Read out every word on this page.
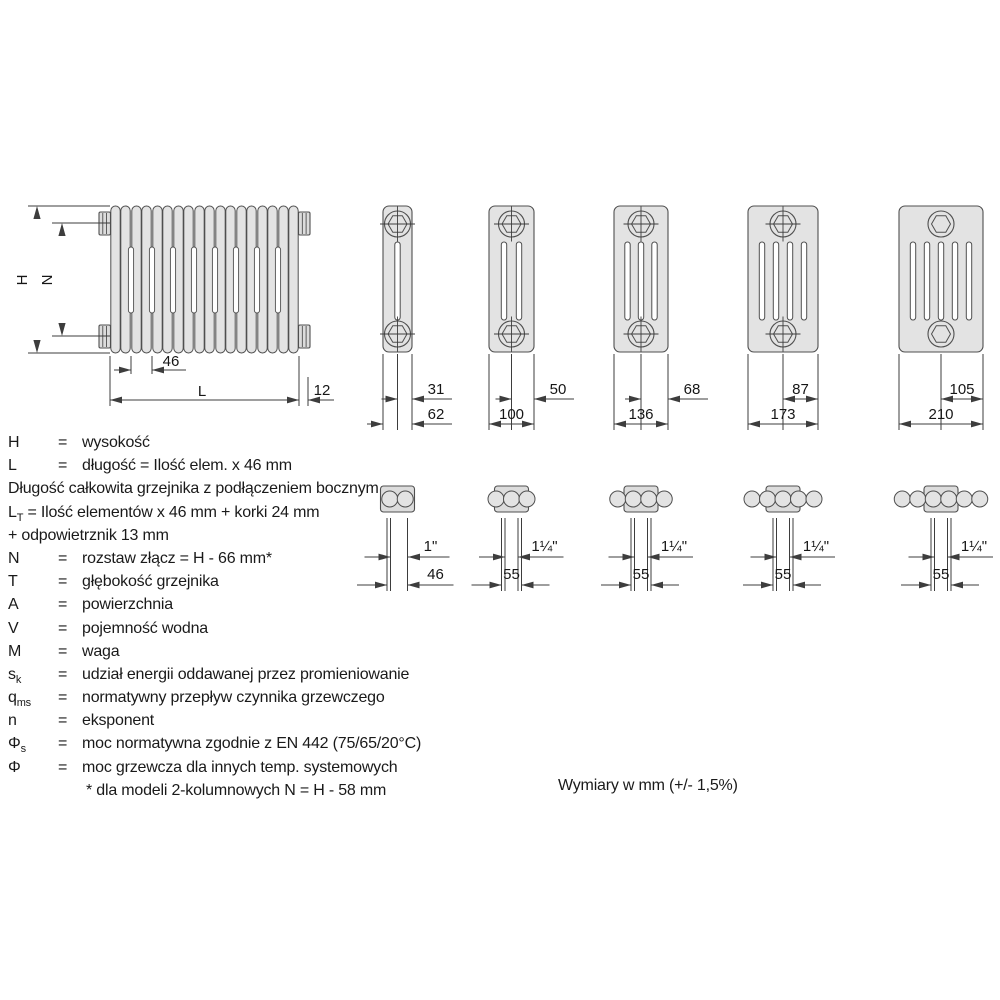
H N
46
L	12	31
62
1"
46
50
100
1¼"
55
68
136
1¼"
55
87
173
1¼"
55
105
210
1¼"
55
H = wysokość
L	= długość = Ilość elem. x 46 mm
Długość całkowita grzejnika z podłączeniem bocznym
$L_T$ = Ilość elementów x 46 mm + korki 24 mm
+ odpowietrznik 13 mm
N = rozstaw złącz = H - 66 mm*
T	= głębokość grzejnika
A = powierzchnia
V = pojemność wodna
M = waga
$s_k$ = udział energii oddawanej przez promieniowanie
$q_{ms}$ = normatywny przepływ czynnika grzewczego
n	= eksponent
$\Phi_s$ = moc normatywna zgodnie z EN 442 (75/65/20°C)
Φ = moc grzewcza dla innych temp. systemowych
* dla modeli 2-kolumnowych N = H - 58 mm	Wymiary w mm (+/- 1,5%)
